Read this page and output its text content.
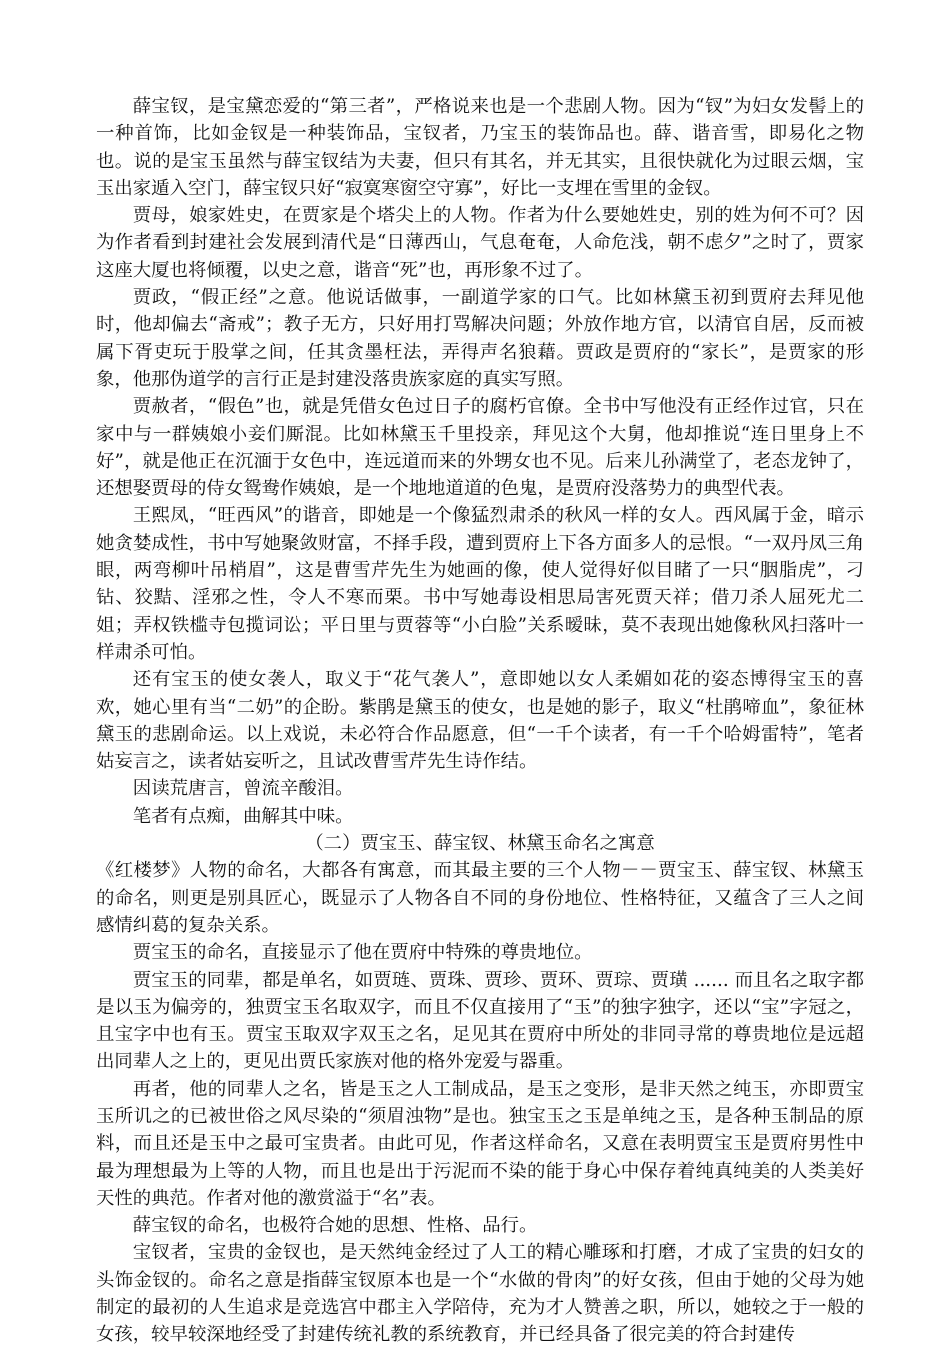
薛宝钗，是宝黛恋爱的“第三者”，严格说来也是一个悲剧人物。因为“钗”为妇女发髻上的一种首饰，比如金钗是一种装饰品，宝钗者，乃宝玉的装饰品也。薛、谐音雪，即易化之物也。说的是宝玉虽然与薛宝钗结为夫妻，但只有其名，并无其实，且很快就化为过眼云烟，宝玉出家遁入空门，薛宝钗只好“寂寞寒窗空守寡”，好比一支埋在雪里的金钗。

贾母，娘家姓史，在贾家是个塔尖上的人物。作者为什么要她姓史，别的姓为何不可？因为作者看到封建社会发展到清代是“日薄西山，气息奄奄，人命危浅，朝不虑夕”之时了，贾家这座大厦也将倾覆，以史之意，谐音“死”也，再形象不过了。

贾政，“假正经”之意。他说话做事，一副道学家的口气。比如林黛玉初到贾府去拜见他时，他却偏去“斋戒”；教子无方，只好用打骂解决问题；外放作地方官，以清官自居，反而被属下胥吏玩于股掌之间，任其贪墨枉法，弄得声名狼藉。贾政是贾府的“家长”，是贾家的形象，他那伪道学的言行正是封建没落贵族家庭的真实写照。

贾赦者，“假色”也，就是凭借女色过日子的腐朽官僚。全书中写他没有正经作过官，只在家中与一群姨娘小妾们厮混。比如林黛玉千里投亲，拜见这个大舅，他却推说“连日里身上不好”，就是他正在沉湎于女色中，连远道而来的外甥女也不见。后来儿孙满堂了，老态龙钟了，还想娶贾母的侍女鸳鸯作姨娘，是一个地地道道的色鬼，是贾府没落势力的典型代表。

王熙凤，“旺西风”的谐音，即她是一个像猛烈肃杀的秋风一样的女人。西风属于金，暗示她贪婪成性，书中写她聚敛财富，不择手段，遭到贾府上下各方面多人的忌恨。“一双丹凤三角眼，两弯柳叶吊梢眉”，这是曹雪芹先生为她画的像，使人觉得好似目睹了一只“胭脂虎”，刁钻、狡黠、淫邪之性，令人不寒而栗。书中写她毒设相思局害死贾天祥；借刀杀人屈死尤二姐；弄权铁槛寺包揽词讼；平日里与贾蓉等“小白脸”关系暧昧，莫不表现出她像秋风扫落叶一样肃杀可怕。

还有宝玉的使女袭人，取义于“花气袭人”，意即她以女人柔媚如花的姿态博得宝玉的喜欢，她心里有当“二奶”的企盼。紫鹃是黛玉的使女，也是她的影子，取义“杜鹃啼血”，象征林黛玉的悲剧命运。以上戏说，未必符合作品愿意，但“一千个读者，有一千个哈姆雷特”，笔者姑妄言之，读者姑妄听之，且试改曹雪芹先生诗作结。

因读荒唐言，曾流辛酸泪。

笔者有点痴，曲解其中味。

（二）贾宝玉、薛宝钗、林黛玉命名之寓意

《红楼梦》人物的命名，大都各有寓意，而其最主要的三个人物－－贾宝玉、薛宝钗、林黛玉的命名，则更是别具匠心，既显示了人物各自不同的身份地位、性格特征，又蕴含了三人之间感情纠葛的复杂关系。

贾宝玉的命名，直接显示了他在贾府中特殊的尊贵地位。

贾宝玉的同辈，都是单名，如贾琏、贾珠、贾珍、贾环、贾琮、贾璜 ...... 而且名之取字都是以玉为偏旁的，独贾宝玉名取双字，而且不仅直接用了“玉”的独字独字，还以“宝”字冠之，且宝字中也有玉。贾宝玉取双字双玉之名，足见其在贾府中所处的非同寻常的尊贵地位是远超出同辈人之上的，更见出贾氏家族对他的格外宠爱与器重。

再者，他的同辈人之名，皆是玉之人工制成品，是玉之变形，是非天然之纯玉，亦即贾宝玉所讥之的已被世俗之风尽染的“须眉浊物”是也。独宝玉之玉是单纯之玉，是各种玉制品的原料，而且还是玉中之最可宝贵者。由此可见，作者这样命名，又意在表明贾宝玉是贾府男性中最为理想最为上等的人物，而且也是出于污泥而不染的能于身心中保存着纯真纯美的人类美好天性的典范。作者对他的激赏溢于“名”表。

薛宝钗的命名，也极符合她的思想、性格、品行。

宝钗者，宝贵的金钗也，是天然纯金经过了人工的精心雕琢和打磨，才成了宝贵的妇女的头饰金钗的。命名之意是指薛宝钗原本也是一个“水做的骨肉”的好女孩，但由于她的父母为她制定的最初的人生追求是竞选宫中郡主入学陪侍，充为才人赞善之职，所以，她较之于一般的女孩，较早较深地经受了封建传统礼教的系统教育，并已经具备了很完美的符合封建传
